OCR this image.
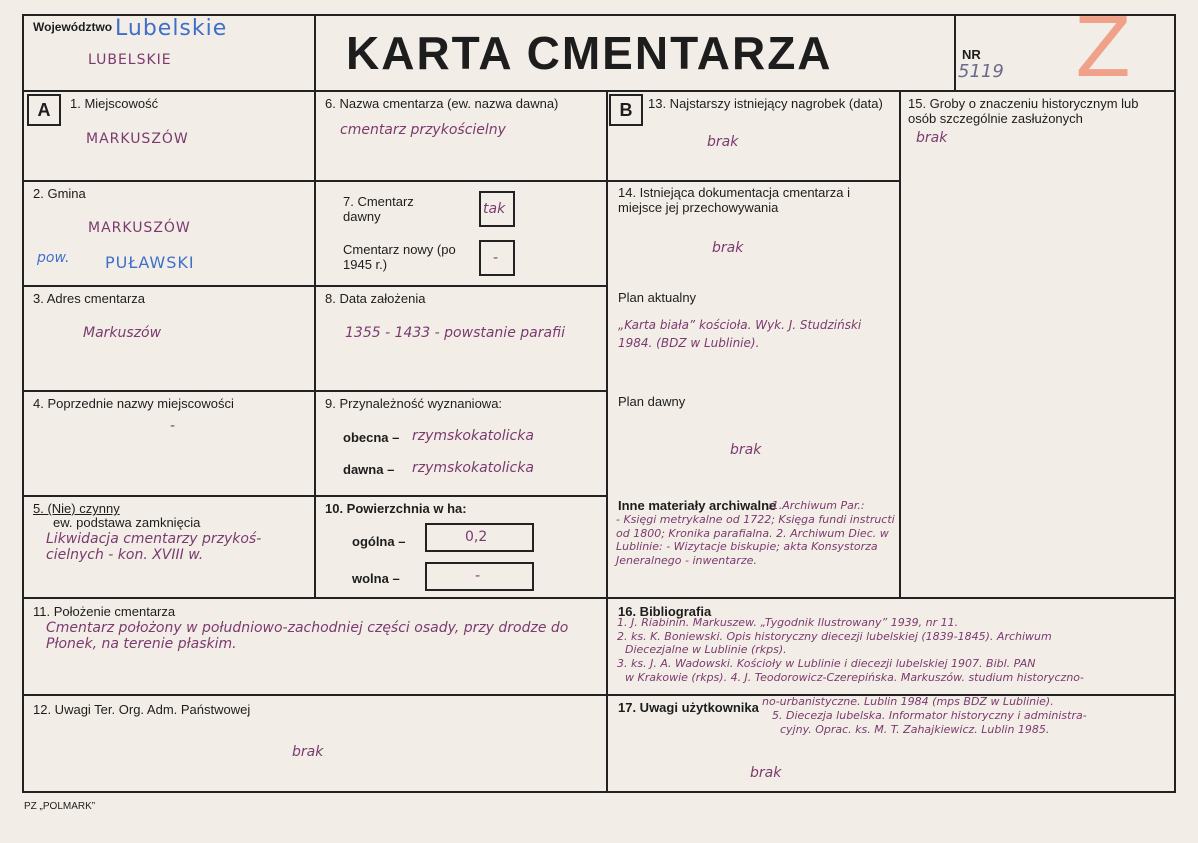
Województwo Lubelskie
LUBELSKIE	KARTA CMENTARZA	NR
5119 Z
A	B
1. Miejscowość
MARKUSZÓW
2. Gmina
MARKUSZÓW
pow. PUŁAWSKI
3. Adres cmentarza
Markuszów
4. Poprzednie nazwy miejscowości
-
5. (Nie) czynny
ew. podstawa zamknięcia
Likwidacja cmentarzy przykoś-cielnych - kon. XVIII w.
6. Nazwa cmentarza (ew. nazwa dawna)
cmentarz przykościelny
7. Cmentarz dawny	tak
Cmentarz nowy (po 1945 r.)	-
8. Data założenia
1355 - 1433 - powstanie parafii
9. Przynależność wyznaniowa:
obecna – rzymskokatolicka
dawna – rzymskokatolicka
10. Powierzchnia w ha:
ogólna –	0,2
wolna –	-
13. Najstarszy istniejący nagrobek (data)
brak
14. Istniejąca dokumentacja cmentarza i miejsce jej przechowywania
brak
Plan aktualny
„Karta biała” kościoła. Wyk. J. Studziński 1984. (BDZ w Lublinie).
Plan dawny
brak
Inne materiały archiwalne
:1.Archiwum Par.:
- Księgi metrykalne od 1722; Księga fundi instructi od 1800; Kronika parafialna. 2. Archiwum Diec. w Lublinie: - Wizytacje biskupie; akta Konsystorza Jeneralnego - inwentarze.
15. Groby o znaczeniu historycznym lub osób szczególnie zasłużonych
brak
11. Położenie cmentarza
Cmentarz położony w południowo-zachodniej części osady, przy drodze do Płonek, na terenie płaskim.
12. Uwagi Ter. Org. Adm. Państwowej
brak
16. Bibliografia
1. J. Riabinin. Markuszew. „Tygodnik Ilustrowany” 1939, nr 11.
2. ks. K. Boniewski. Opis historyczny diecezji lubelskiej (1839-1845). Archiwum
Diecezjalne w Lublinie (rkps).
3. ks. J. A. Wadowski. Kościoły w Lublinie i diecezji lubelskiej 1907. Bibl. PAN
w Krakowie (rkps). 4. J. Teodorowicz-Czerepińska. Markuszów. studium historyczno-
no-urbanistyczne. Lublin 1984 (mps BDZ w Lublinie).
5. Diecezja lubelska. Informator historyczny i administra-
cyjny. Oprac. ks. M. T. Zahajkiewicz. Lublin 1985.
17. Uwagi użytkownika
brak
PZ „POLMARK”
